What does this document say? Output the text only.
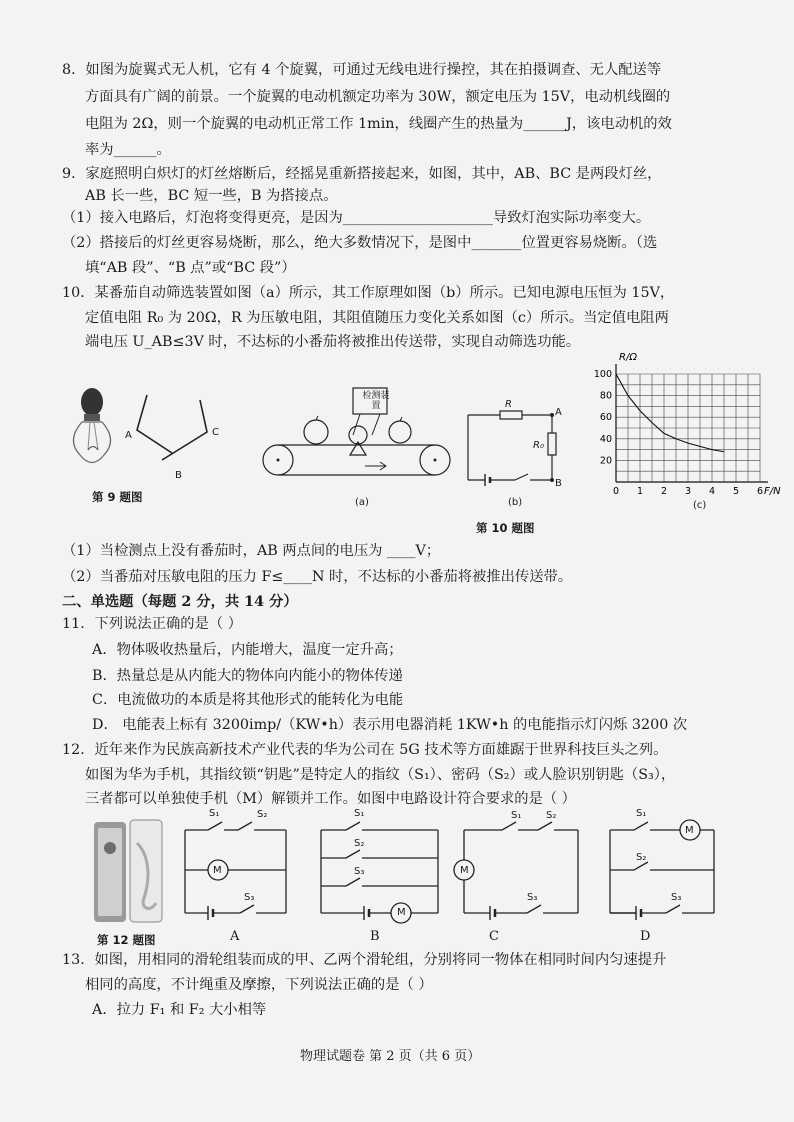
8．如图为旋翼式无人机，它有 4 个旋翼，可通过无线电进行操控，其在拍摄调查、无人配送等
方面具有广阔的前景。一个旋翼的电动机额定功率为 30W，额定电压为 15V，电动机线圈的
电阻为 2Ω，则一个旋翼的电动机正常工作 1min，线圈产生的热量为______J，该电动机的效
率为______。
9．家庭照明白炽灯的灯丝熔断后，经摇晃重新搭接起来，如图，其中，AB、BC 是两段灯丝，
AB 长一些，BC 短一些，B 为搭接点。
（1）接入电路后，灯泡将变得更亮，是因为_____________________导致灯泡实际功率变大。
（2）搭接后的灯丝更容易烧断，那么，绝大多数情况下，是图中_______位置更容易烧断。（选
填“AB 段”、“B 点”或“BC 段”）
10．某番茄自动筛选装置如图（a）所示，其工作原理如图（b）所示。已知电源电压恒为 15V，
定值电阻 R₀ 为 20Ω，R 为压敏电阻，其阻值随压力变化关系如图（c）所示。当定值电阻两
端电压 U_AB≤3V 时，不达标的小番茄将被推出传送带，实现自动筛选功能。
A
B
C
第 9 题图
检测装置
(a)
R
R₀
A
B
(b)
0 1 2 3 4 5 6
20
40
60
80
100
R/Ω
F/N
(c)
第 10 题图
（1）当检测点上没有番茄时，AB 两点间的电压为 ____V；
（2）当番茄对压敏电阻的压力 F≤____N 时，不达标的小番茄将被推出传送带。
二、单选题（每题 2 分，共 14 分）
11．下列说法正确的是（ ）
A．物体吸收热量后，内能增大，温度一定升高；
B．热量总是从内能大的物体向内能小的物体传递
C．电流做功的本质是将其他形式的能转化为电能
D． 电能表上标有 3200imp/（KW•h）表示用电器消耗 1KW•h 的电能指示灯闪烁 3200 次
12．近年来作为民族高新技术产业代表的华为公司在 5G 技术等方面雄踞于世界科技巨头之列。
如图为华为手机，其指纹锁“钥匙”是特定人的指纹（S₁）、密码（S₂）或人脸识别钥匙（S₃），
三者都可以单独使手机（M）解锁并工作。如图中电路设计符合要求的是（ ）
第 12 题图
S₁	S₂
M
S₃
A
S₁
S₂
S₃
M
B
S₁ S₂
M
S₃
C
S₁
M
S₂
S₃
D
13．如图，用相同的滑轮组装而成的甲、乙两个滑轮组，分别将同一物体在相同时间内匀速提升
相同的高度，不计绳重及摩擦，下列说法正确的是（ ）
A．拉力 F₁ 和 F₂ 大小相等
物理试题卷 第 2 页（共 6 页）
